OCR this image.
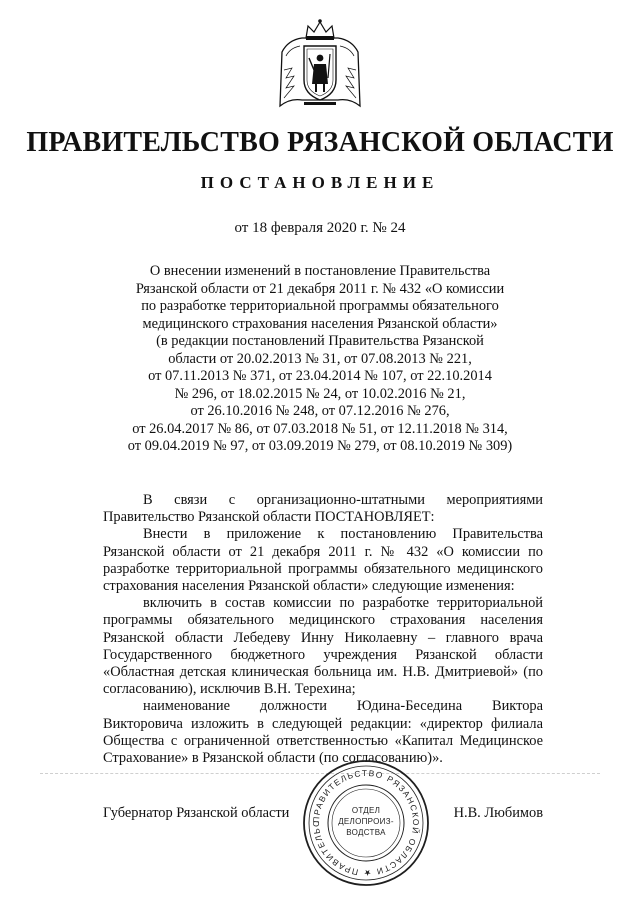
ПРАВИТЕЛЬСТВО РЯЗАНСКОЙ ОБЛАСТИ
ПОСТАНОВЛЕНИЕ
от 18 февраля 2020 г. № 24
О внесении изменений в постановление Правительства
Рязанской области от 21 декабря 2011 г. № 432 «О комиссии
по разработке территориальной программы обязательного
медицинского страхования населения Рязанской области»
(в редакции постановлений Правительства Рязанской
области от 20.02.2013 № 31, от 07.08.2013 № 221,
от 07.11.2013 № 371, от 23.04.2014 № 107, от 22.10.2014
№ 296, от 18.02.2015 № 24, от 10.02.2016 № 21,
от 26.10.2016 № 248, от 07.12.2016 № 276,
от 26.04.2017 № 86, от 07.03.2018 № 51, от 12.11.2018 № 314,
от 09.04.2019 № 97, от 03.09.2019 № 279, от 08.10.2019 № 309)

В связи с организационно-штатными мероприятиями Правительство Рязанской области ПОСТАНОВЛЯЕТ:

Внести в приложение к постановлению Правительства Рязанской области от 21 декабря 2011 г. № 432 «О комиссии по разработке территориальной программы обязательного медицинского страхования населения Рязанской области» следующие изменения:

включить в состав комиссии по разработке территориальной программы обязательного медицинского страхования населения Рязанской области Лебедеву Инну Николаевну – главного врача Государственного бюджетного учреждения Рязанской области «Областная детская клиническая больница им. Н.В. Дмитриевой» (по согласованию), исключив В.Н. Терехина;

наименование должности Юдина-Беседина Виктора Викторовича изложить в следующей редакции: «директор филиала Общества с ограниченной ответственностью «Капитал Медицинское Страхование» в Рязанской области (по согласованию)».

Губернатор Рязанской области	Н.В. Любимов
ПРАВИТЕЛЬСТВО РЯЗАНСКОЙ ОБЛАСТИ ★ ПРАВИТЕЛЬС
ОТДЕЛ
ДЕЛОПРОИЗ-
ВОДСТВА
